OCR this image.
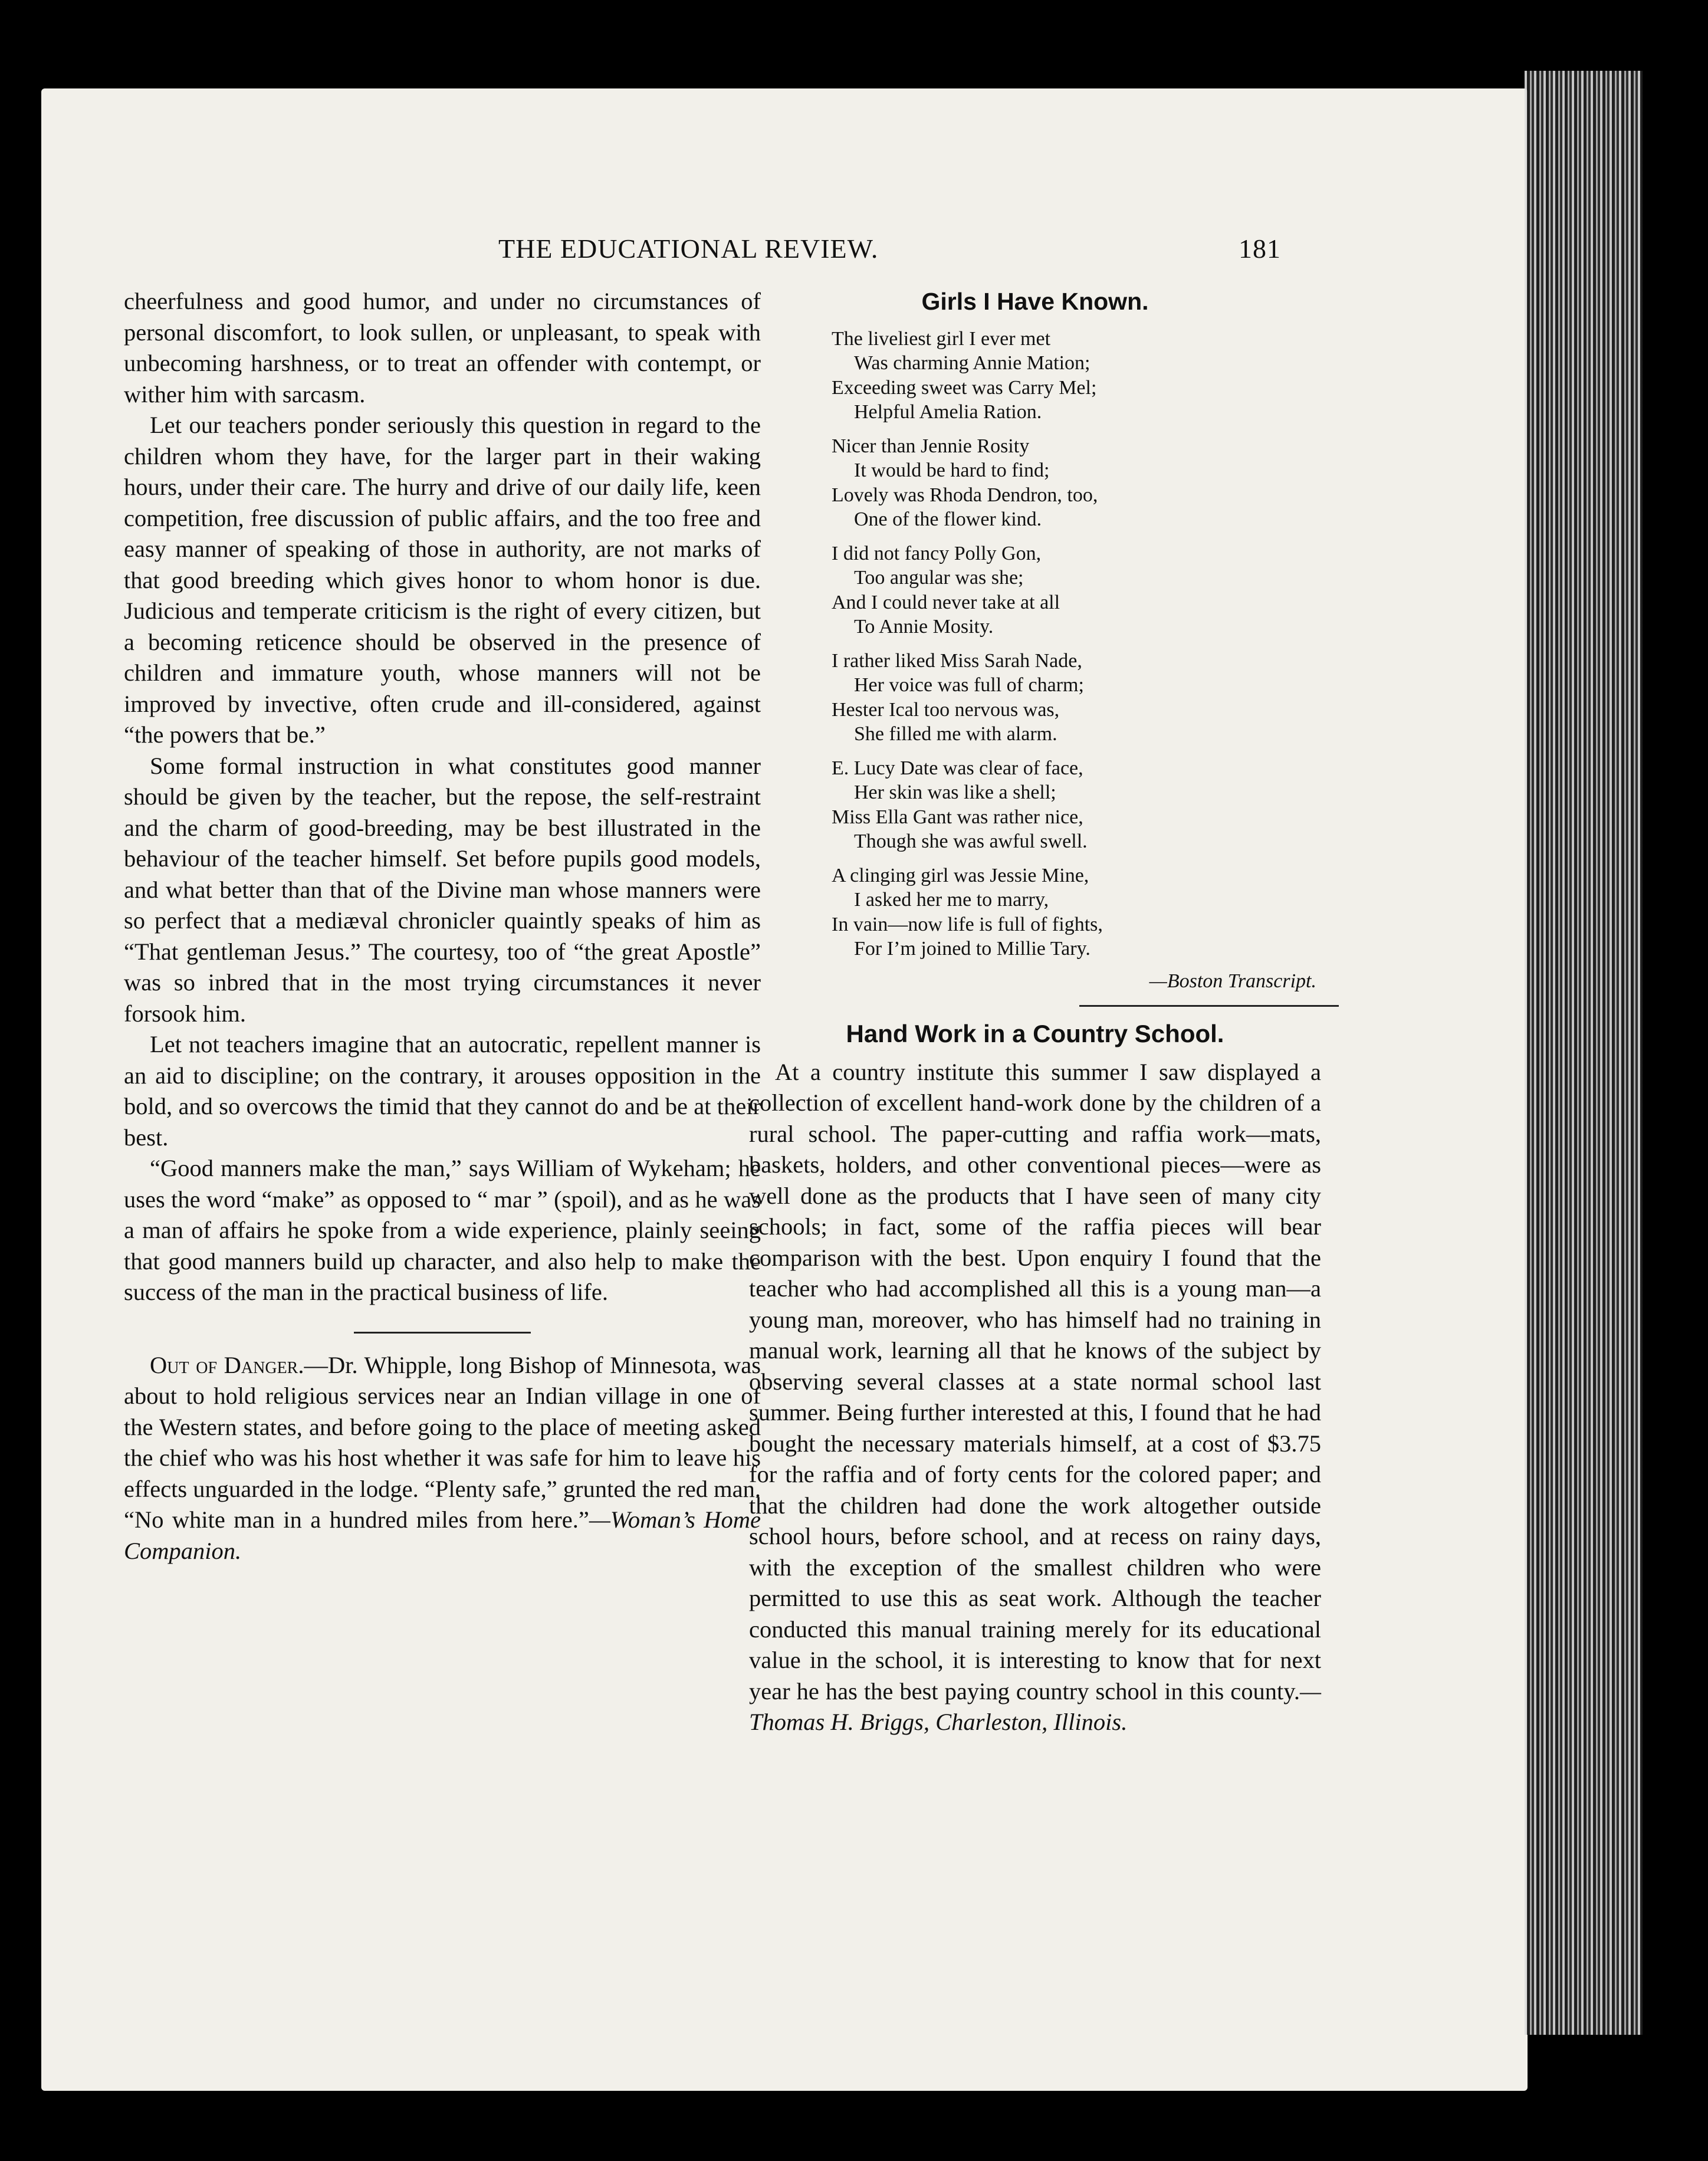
THE EDUCATIONAL REVIEW.	181

cheerfulness and good humor, and under no circumstances of personal discomfort, to look sullen, or unpleasant, to speak with unbecoming harshness, or to treat an offender with contempt, or wither him with sarcasm.

Let our teachers ponder seriously this question in regard to the children whom they have, for the larger part in their waking hours, under their care. The hurry and drive of our daily life, keen competition, free discussion of public affairs, and the too free and easy manner of speaking of those in authority, are not marks of that good breeding which gives honor to whom honor is due. Judicious and temperate criticism is the right of every citizen, but a becoming reticence should be observed in the presence of children and immature youth, whose manners will not be improved by invective, often crude and ill-considered, against “the powers that be.”

Some formal instruction in what constitutes good manner should be given by the teacher, but the repose, the self-restraint and the charm of good-breeding, may be best illustrated in the behaviour of the teacher himself. Set before pupils good models, and what better than that of the Divine man whose manners were so perfect that a mediæval chronicler quaintly speaks of him as “That gentleman Jesus.” The courtesy, too of “the great Apostle” was so inbred that in the most trying circumstances it never forsook him.

Let not teachers imagine that an autocratic, repellent manner is an aid to discipline; on the contrary, it arouses opposition in the bold, and so overcows the timid that they cannot do and be at their best.

“Good manners make the man,” says William of Wykeham; he uses the word “make” as opposed to “ mar ” (spoil), and as he was a man of affairs he spoke from a wide experience, plainly seeing that good manners build up character, and also help to make the success of the man in the practical business of life.

Out of Danger.—Dr. Whipple, long Bishop of Minnesota, was about to hold religious services near an Indian village in one of the Western states, and before going to the place of meeting asked the chief who was his host whether it was safe for him to leave his effects unguarded in the lodge. “Plenty safe,” grunted the red man. “No white man in a hundred miles from here.”—Woman’s Home Companion.

Girls I Have Known.
The liveliest girl I ever met
Was charming Annie Mation;
Exceeding sweet was Carry Mel;
Helpful Amelia Ration.
Nicer than Jennie Rosity
It would be hard to find;
Lovely was Rhoda Dendron, too,
One of the flower kind.
I did not fancy Polly Gon,
Too angular was she;
And I could never take at all
To Annie Mosity.
I rather liked Miss Sarah Nade,
Her voice was full of charm;
Hester Ical too nervous was,
She filled me with alarm.
E. Lucy Date was clear of face,
Her skin was like a shell;
Miss Ella Gant was rather nice,
Though she was awful swell.
A clinging girl was Jessie Mine,
I asked her me to marry,
In vain—now life is full of fights,
For I’m joined to Millie Tary.
—Boston Transcript.
Hand Work in a Country School.

At a country institute this summer I saw displayed a collection of excellent hand-work done by the children of a rural school. The paper-cutting and raffia work—mats, baskets, holders, and other conventional pieces—were as well done as the products that I have seen of many city schools; in fact, some of the raffia pieces will bear comparison with the best. Upon enquiry I found that the teacher who had accomplished all this is a young man—a young man, moreover, who has himself had no training in manual work, learning all that he knows of the subject by observing several classes at a state normal school last summer. Being further interested at this, I found that he had bought the necessary materials himself, at a cost of $3.75 for the raffia and of forty cents for the colored paper; and that the children had done the work altogether outside school hours, before school, and at recess on rainy days, with the exception of the smallest children who were permitted to use this as seat work. Although the teacher conducted this manual training merely for its educational value in the school, it is interesting to know that for next year he has the best paying country school in this county.—Thomas H. Briggs, Charleston, Illinois.
